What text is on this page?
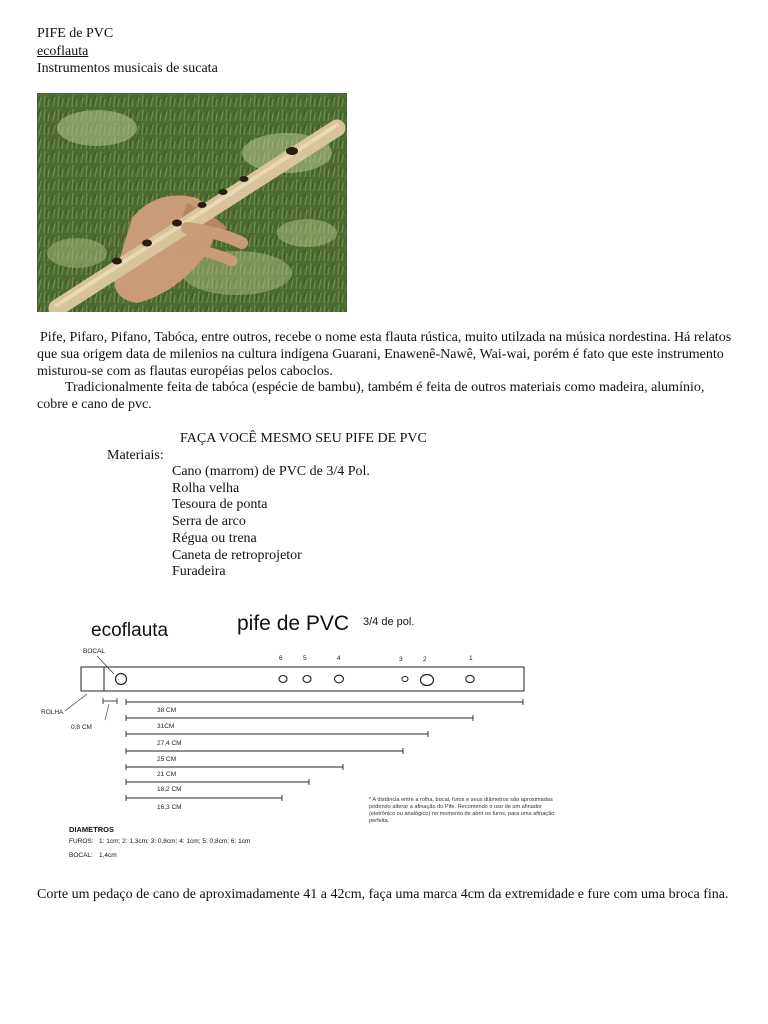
PIFE de PVC
ecoflauta
Instrumentos musicais de sucata
Pife, Pifaro, Pifano, Tabóca, entre outros, recebe o nome esta flauta rústica, muito utilzada na música nordestina. Há relatos que sua origem data de milenios na cultura indígena Guarani, Enawenê-Nawê, Wai-wai, porém é fato que este instrumento misturou-se com as flautas européias pelos caboclos.
Tradicionalmente feita de tabóca (espécie de bambu), também é feita de outros materiais como madeira, alumínio, cobre e cano de pvc.
FAÇA VOCÊ MESMO SEU PIFE DE PVC
Materiais:
Cano (marrom) de PVC de 3/4 Pol.
Rolha velha
Tesoura de ponta
Serra de arco
Régua ou trena
Caneta de retroprojetor
Furadeira
ecoflauta	pife de PVC 3/4 de pol.
BOCAL
6	5	4	3	2	1
ROLHA
0,8 CM
38 CM
31CM
27,4 CM
25 CM
21 CM
18,2 CM
16,3 CM
* A distância entre a rolha, bocal, furos e seus diâmetros são aproximadas podendo alterar a afinação do Pife. Recomendo o uso de um afinador (eletrônico ou analógico) no momento de abrir os furos, para uma afinação perfeita.
DIAMETROS
FUROS: 1: 1cm; 2: 1,3cm; 3: 0,8cm; 4: 1cm; 5: 0,8cm; 6: 1cm
BOCAL: 1,4cm
Corte um pedaço de cano de aproximadamente 41 a 42cm, faça uma marca 4cm da extremidade e fure com uma broca fina.
